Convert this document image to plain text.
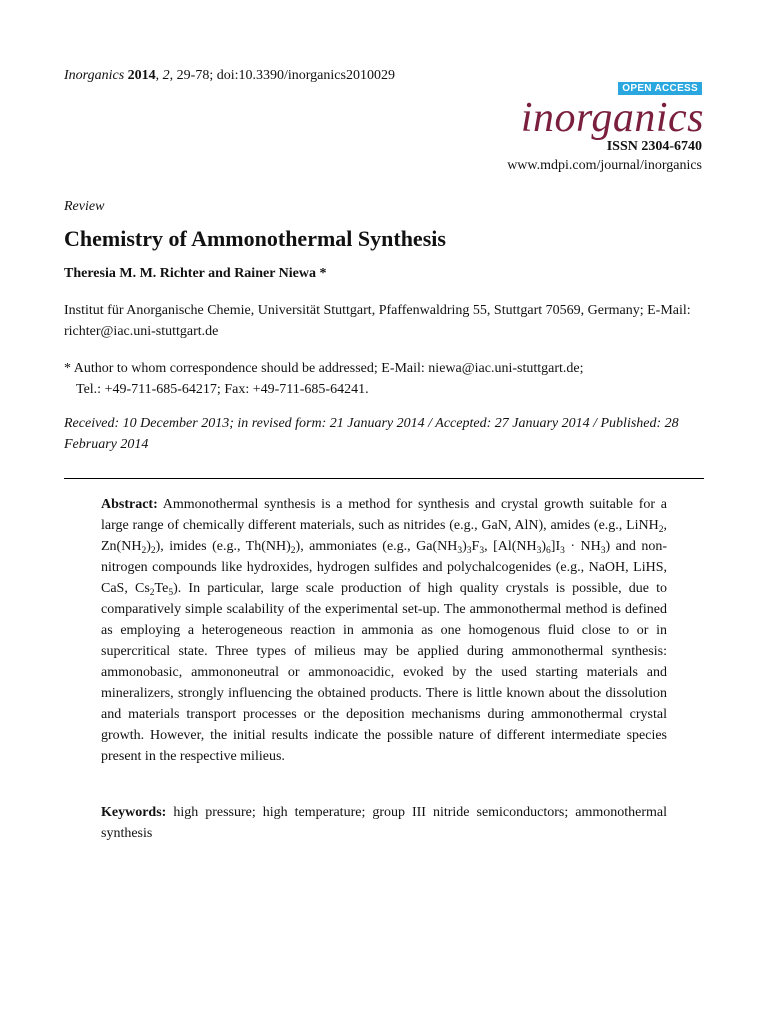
Inorganics 2014, 2, 29-78; doi:10.3390/inorganics2010029
OPEN ACCESS
inorganics
ISSN 2304-6740
www.mdpi.com/journal/inorganics
Review
Chemistry of Ammonothermal Synthesis
Theresia M. M. Richter and Rainer Niewa *
Institut für Anorganische Chemie, Universität Stuttgart, Pfaffenwaldring 55, Stuttgart 70569, Germany; E-Mail: richter@iac.uni-stuttgart.de
* Author to whom correspondence should be addressed; E-Mail: niewa@iac.uni-stuttgart.de;
Tel.: +49-711-685-64217; Fax: +49-711-685-64241.
Received: 10 December 2013; in revised form: 21 January 2014 / Accepted: 27 January 2014 / Published: 28 February 2014

Abstract: Ammonothermal synthesis is a method for synthesis and crystal growth suitable for a large range of chemically different materials, such as nitrides (e.g., GaN, AlN), amides (e.g., LiNH$_2$, $Zn(NH_2)_2$), imides (e.g., $Th(NH)_2$), ammoniates (e.g., $Ga(NH_3)_3F_3$, $[Al(NH_3)_6]I_3 \cdot NH_3$) and non-nitrogen compounds like hydroxides, hydrogen sulfides and polychalcogenides (e.g., NaOH, LiHS, CaS, $Cs_2Te_5$). In particular, large scale production of high quality crystals is possible, due to comparatively simple scalability of the experimental set-up. The ammonothermal method is defined as employing a heterogeneous reaction in ammonia as one homogenous fluid close to or in supercritical state. Three types of milieus may be applied during ammonothermal synthesis: ammonobasic, ammononeutral or ammonoacidic, evoked by the used starting materials and mineralizers, strongly influencing the obtained products. There is little known about the dissolution and materials transport processes or the deposition mechanisms during ammonothermal crystal growth. However, the initial results indicate the possible nature of different intermediate species present in the respective milieus.

Keywords: high pressure; high temperature; group III nitride semiconductors; ammonothermal synthesis
